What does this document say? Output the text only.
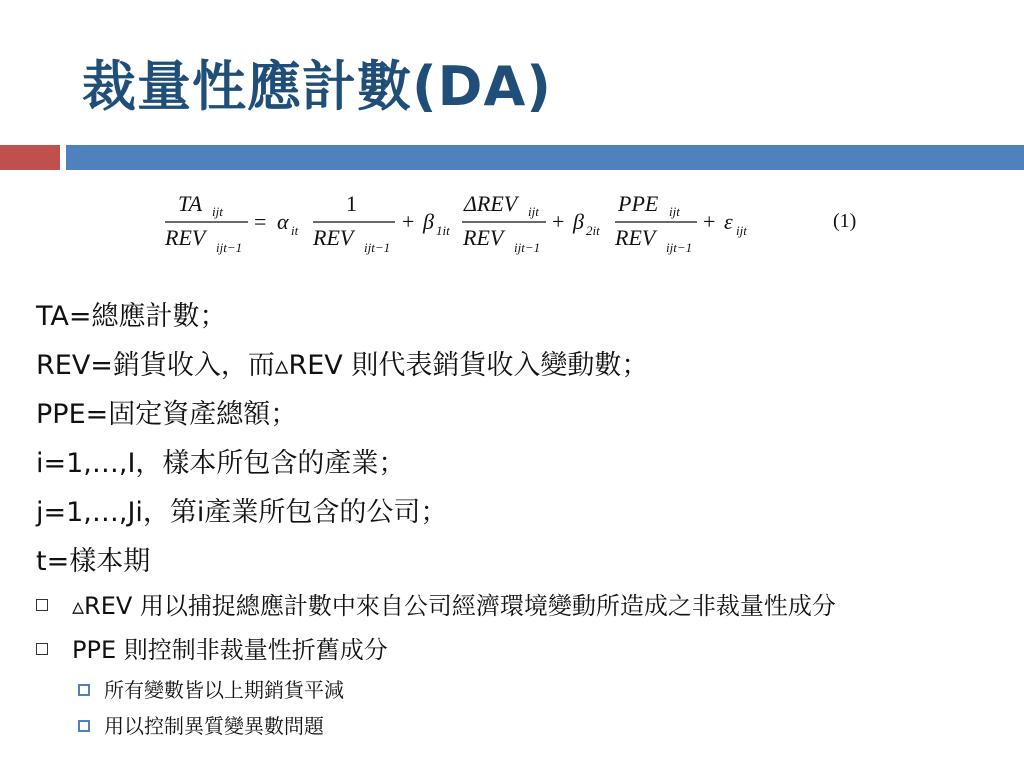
裁量性應計數(DA)
TA ijt
REV ijt−1
= α it
1
REV ijt−1
+ β 1it
ΔREV ijt
REV ijt−1
+ β 2it
PPE ijt
REV ijt−1
+ ε ijt	(1)
TA=總應計數；
REV=銷貨收入，而▵REV 則代表銷貨收入變動數；
PPE=固定資產總額；
i=1,…,I，樣本所包含的產業；
j=1,…,Ji，第i產業所包含的公司；
t=樣本期
▵REV 用以捕捉總應計數中來自公司經濟環境變動所造成之非裁量性成分
PPE 則控制非裁量性折舊成分
所有變數皆以上期銷貨平減
用以控制異質變異數問題
